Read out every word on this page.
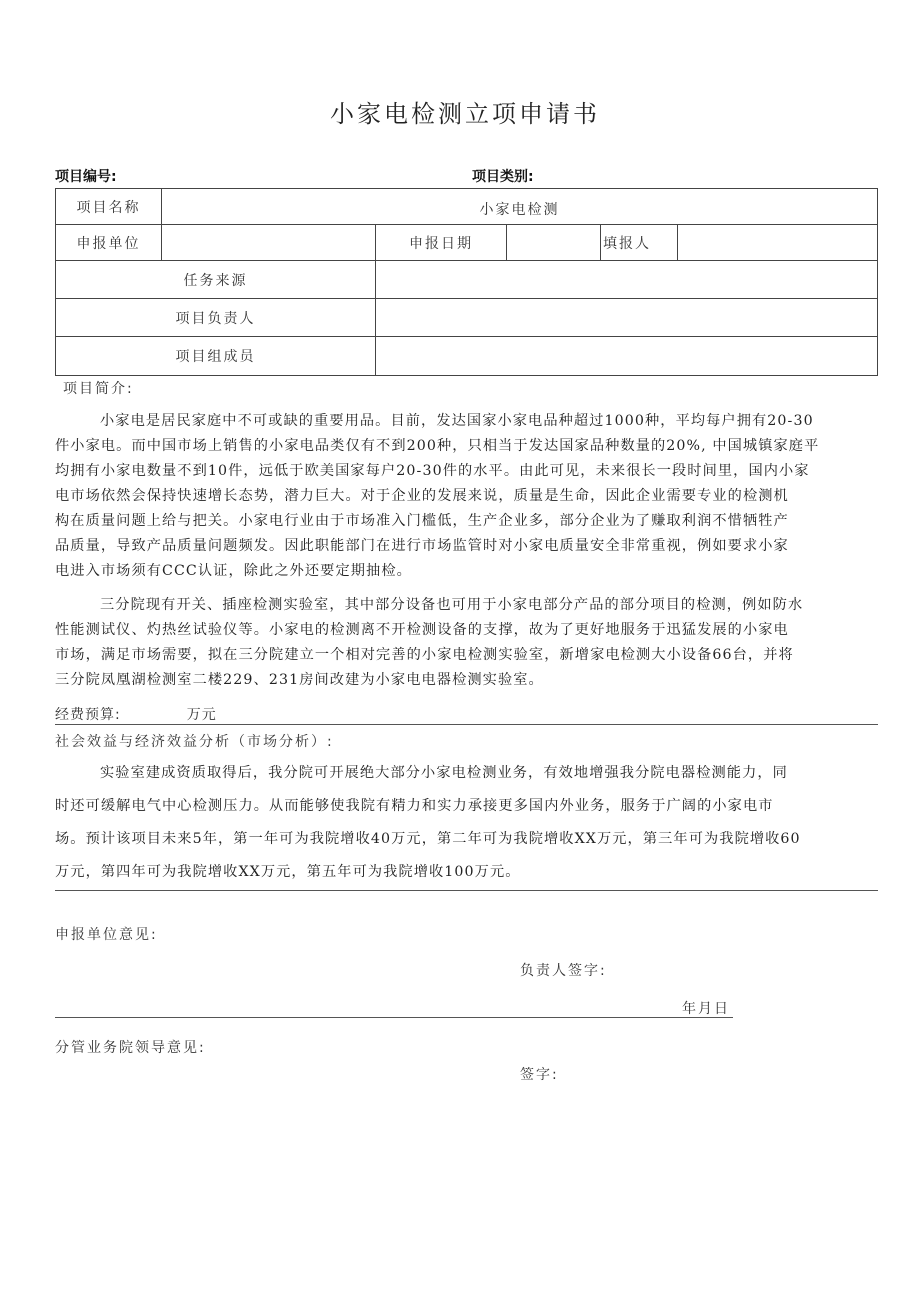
小家电检测立项申请书
项目编号:	项目类别:
项目名称	小家电检测				
申报单位		申报日期		填报人	
任务来源					
项目负责人					
项目组成员					
项目简介:
小家电是居民家庭中不可或缺的重要用品。目前，发达国家小家电品种超过1000种，平均每户拥有20-30
件小家电。而中国市场上销售的小家电品类仅有不到200种，只相当于发达国家品种数量的20%, 中国城镇家庭平
均拥有小家电数量不到10件，远低于欧美国家每户20-30件的水平。由此可见，未来很长一段时间里，国内小家
电市场依然会保持快速增长态势，潜力巨大。对于企业的发展来说，质量是生命，因此企业需要专业的检测机
构在质量问题上给与把关。小家电行业由于市场准入门槛低，生产企业多，部分企业为了赚取利润不惜牺牲产
品质量，导致产品质量问题频发。因此职能部门在进行市场监管时对小家电质量安全非常重视，例如要求小家
电进入市场须有CCC认证，除此之外还要定期抽检。
三分院现有开关、插座检测实验室，其中部分设备也可用于小家电部分产品的部分项目的检测，例如防水
性能测试仪、灼热丝试验仪等。小家电的检测离不开检测设备的支撑，故为了更好地服务于迅猛发展的小家电
市场，满足市场需要，拟在三分院建立一个相对完善的小家电检测实验室，新增家电检测大小设备66台，并将
三分院凤凰湖检测室二楼229、231房间改建为小家电电器检测实验室。
经费预算:	万元
社会效益与经济效益分析（市场分析）:
实验室建成资质取得后，我分院可开展绝大部分小家电检测业务，有效地增强我分院电器检测能力，同
时还可缓解电气中心检测压力。从而能够使我院有精力和实力承接更多国内外业务，服务于广阔的小家电市
场。预计该项目未来5年，第一年可为我院增收40万元，第二年可为我院增收XX万元，第三年可为我院增收60
万元，第四年可为我院增收XX万元，第五年可为我院增收100万元。
申报单位意见:
负责人签字:
年月日
分管业务院领导意见:
签字:
